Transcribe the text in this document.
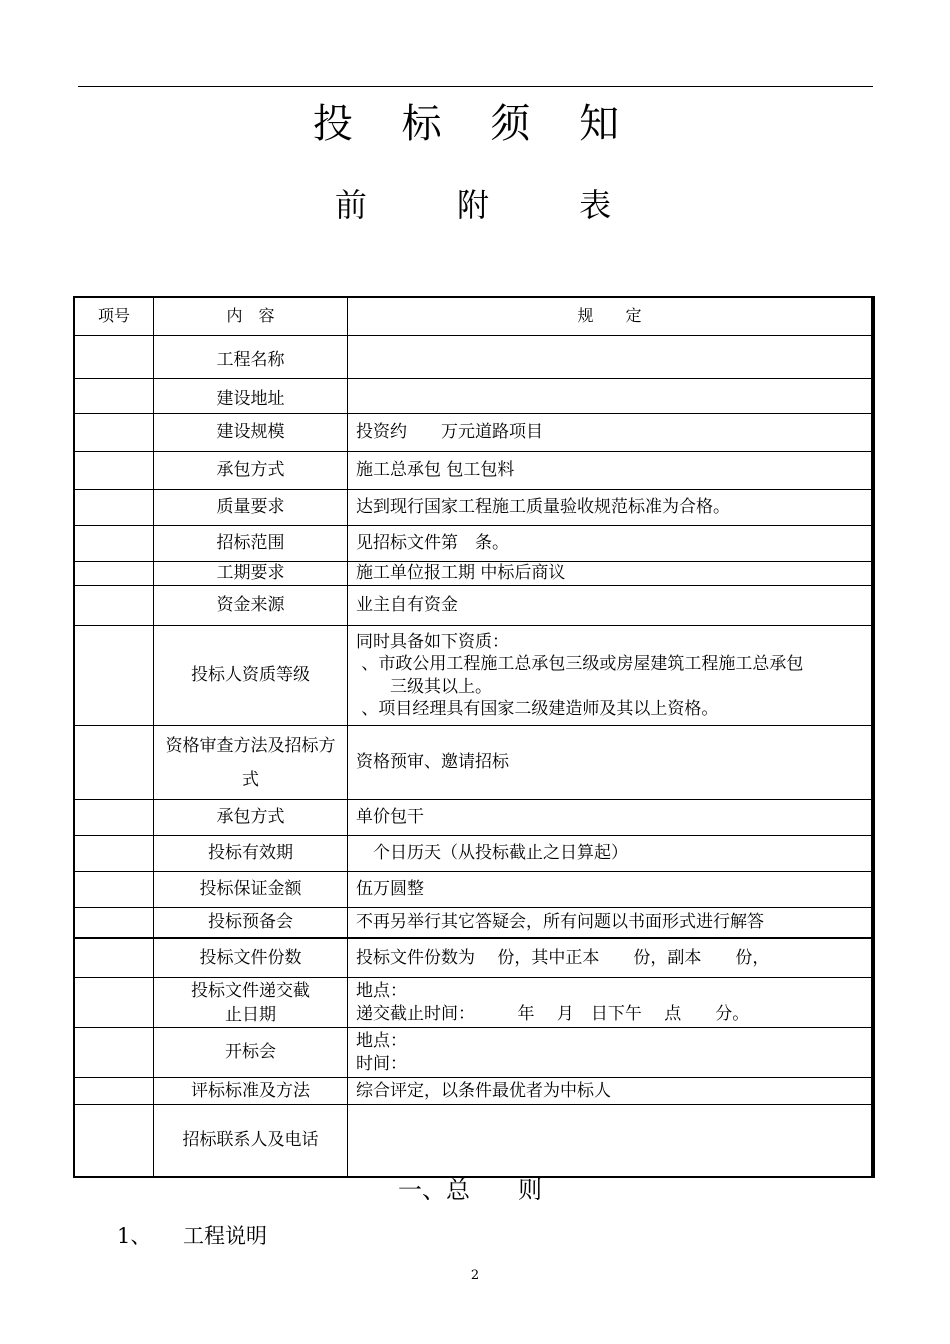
投 标 须 知
前 附 表
项号	内　容	规　　定
	工程名称	
	建设地址	
	建设规模	投资约　　万元道路项目
	承包方式	施工总承包 包工包料
	质量要求	达到现行国家工程施工质量验收规范标准为合格。
	招标范围	见招标文件第　条。
	工期要求	施工单位报工期 中标后商议
	资金来源	业主自有资金
	投标人资质等级	同时具备如下资质：
、市政公用工程施工总承包三级或房屋建筑工程施工总承包
　　三级其以上。
、项目经理具有国家二级建造师及其以上资格。

	资格审查方法及招标方式	资格预审、邀请招标
	承包方式	单价包干
	投标有效期	　个日历天（从投标截止之日算起）
	投标保证金额	伍万圆整
	投标预备会	不再另举行其它答疑会，所有问题以书面形式进行解答
	投标文件份数	投标文件份数为　 份，其中正本　　份，副本　　份，
	投标文件递交截止日期	地点：
递交截止时间：　　　年　 月　日下午　 点　　分。

	开标会	地点：
时间：

	评标标准及方法	综合评定，以条件最优者为中标人
	招标联系人及电话	
一、总　　则
1、 工程说明
2
